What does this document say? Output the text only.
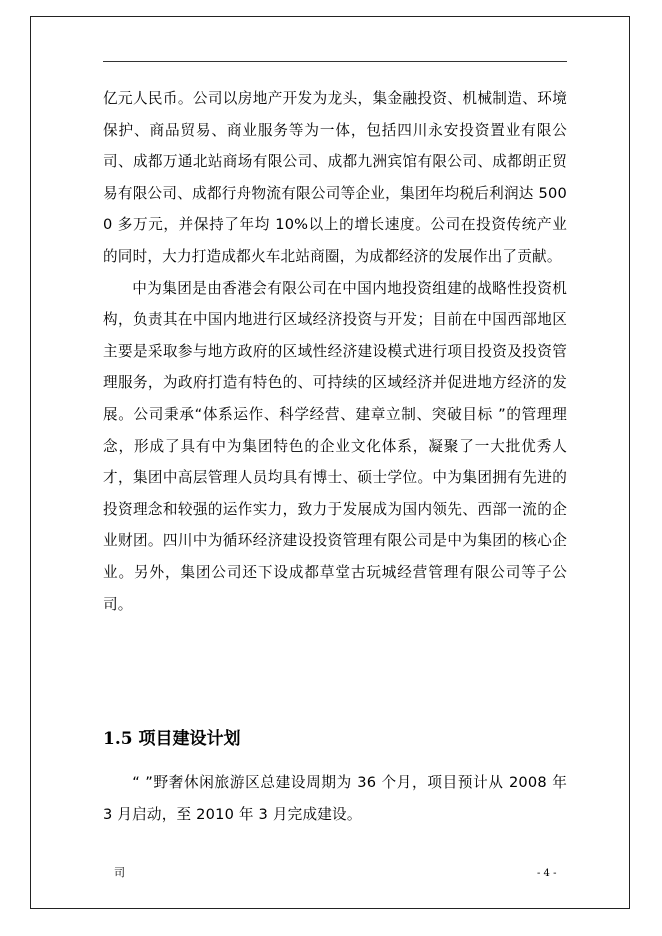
亿元人民币。公司以房地产开发为龙头，集金融投资、机械制造、环境保护、商品贸易、商业服务等为一体，包括四川永安投资置业有限公司、成都万通北站商场有限公司、成都九洲宾馆有限公司、成都朗正贸易有限公司、成都行舟物流有限公司等企业，集团年均税后利润达 5000 多万元，并保持了年均 10%以上的增长速度。公司在投资传统产业的同时，大力打造成都火车北站商圈，为成都经济的发展作出了贡献。

中为集团是由香港会有限公司在中国内地投资组建的战略性投资机构，负责其在中国内地进行区域经济投资与开发；目前在中国西部地区主要是采取参与地方政府的区域性经济建设模式进行项目投资及投资管理服务，为政府打造有特色的、可持续的区域经济并促进地方经济的发展。公司秉承“体系运作、科学经营、建章立制、突破目标 ”的管理理念，形成了具有中为集团特色的企业文化体系，凝聚了一大批优秀人才，集团中高层管理人员均具有博士、硕士学位。中为集团拥有先进的投资理念和较强的运作实力，致力于发展成为国内领先、西部一流的企业财团。四川中为循环经济建设投资管理有限公司是中为集团的核心企业。另外，集团公司还下设成都草堂古玩城经营管理有限公司等子公司。

1.5 项目建设计划

“ ”野奢休闲旅游区总建设周期为 36 个月，项目预计从 2008 年 3 月启动，至 2010 年 3 月完成建设。

司	- 4 -
